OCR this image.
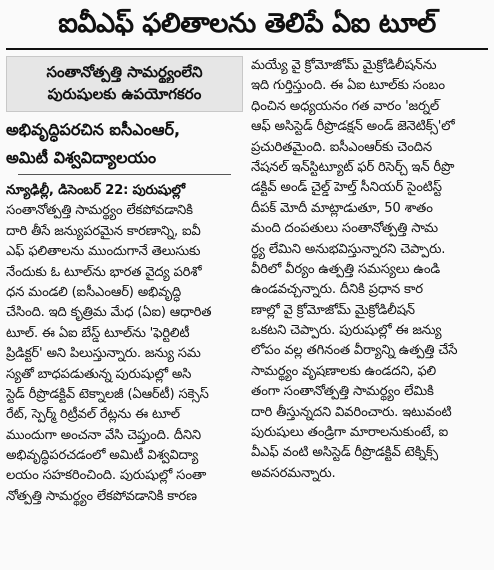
ఐవీఎఫ్ ఫలితాలను తెలిపే ఏఐ టూల్
సంతానోత్పత్తి సామర్థ్యంలేని
పురుషులకు ఉపయోగకరం
అభివృద్ధిపరచిన ఐసీఎంఆర్,
అమిటీ విశ్వవిద్యాలయం
న్యూఢిల్లీ, డిసెంబర్ 22: పురుషుల్లో
సంతానోత్పత్తి సామర్థ్యం లేకపోవడానికి
దారి తీసే జన్యుపరమైన కారణాన్ని, ఐవీ
ఎఫ్ ఫలితాలను ముందుగానే తెలుసుకు
నేందుకు ఓ టూల్‌ను భారత వైద్య పరిశో
ధన మండలి (ఐసీఎంఆర్) అభివృద్ధి
చేసింది. ఇది కృత్రిమ మేధ (ఏఐ) ఆధారిత
టూల్. ఈ ఏఐ బేస్డ్ టూల్‌ను 'ఫెర్టిలిటీ
ప్రిడిక్టర్' అని పిలుస్తున్నారు. జన్యు సమ
స్యతో బాధపడుతున్న పురుషుల్లో అసి
స్టెడ్ రీప్రొడక్టివ్ టెక్నాలజీ (ఏఆర్‌టీ) సక్సెస్
రేట్, స్పెర్మ్ రిట్రీవల్ రేట్లను ఈ టూల్
ముందుగా అంచనా వేసి చెప్తుంది. దీనిని
అభివృద్ధిపరచడంలో అమిటీ విశ్వవిద్యా
లయం సహకరించింది. పురుషుల్లో సంతా
నోత్పత్తి సామర్థ్యం లేకపోవడానికి కారణ
మయ్యే వై క్రోమోజోమ్ మైక్రోడిలీషన్‌ను
ఇది గుర్తిస్తుంది. ఈ ఏఐ టూల్‌కు సంబం
ధించిన అధ్యయనం గత వారం 'జర్నల్
ఆఫ్ అసిస్టెడ్ రీప్రొడక్షన్ అండ్ జెనెటిక్స్'లో
ప్రచురితమైంది. ఐసీఎంఆర్‌కు చెందిన
నేషనల్ ఇన్‌స్టిట్యూట్ ఫర్ రిసెర్చ్ ఇన్ రీప్రొ
డక్టివ్ అండ్ చైల్డ్ హెల్త్ సీనియర్ సైంటిస్ట్
దీపక్ మోదీ మాట్లాడుతూ, 50 శాతం
మంది దంపతులు సంతానోత్పత్తి సామ
ర్థ్య లేమిని అనుభవిస్తున్నారని చెప్పారు.
వీరిలో వీర్యం ఉత్పత్తి సమస్యలు ఉండి
ఉండవచ్చన్నారు. దీనికి ప్రధాన కార
ణాల్లో వై క్రోమోజోమ్ మైక్రోడిలీషన్
ఒకటని చెప్పారు. పురుషుల్లో ఈ జన్యు
లోపం వల్ల తగినంత వీర్యాన్ని ఉత్పత్తి చేసే
సామర్థ్యం వృషణాలకు ఉండదని, ఫలి
తంగా సంతానోత్పత్తి సామర్థ్యం లేమికి
దారి తీస్తున్నదని వివరించారు. ఇటువంటి
పురుషులు తండ్రిగా మారాలనుకుంటే, ఐ
వీఎఫ్ వంటి అసిస్టెడ్ రీప్రొడక్టివ్ టెక్నిక్స్
అవసరమన్నారు.
